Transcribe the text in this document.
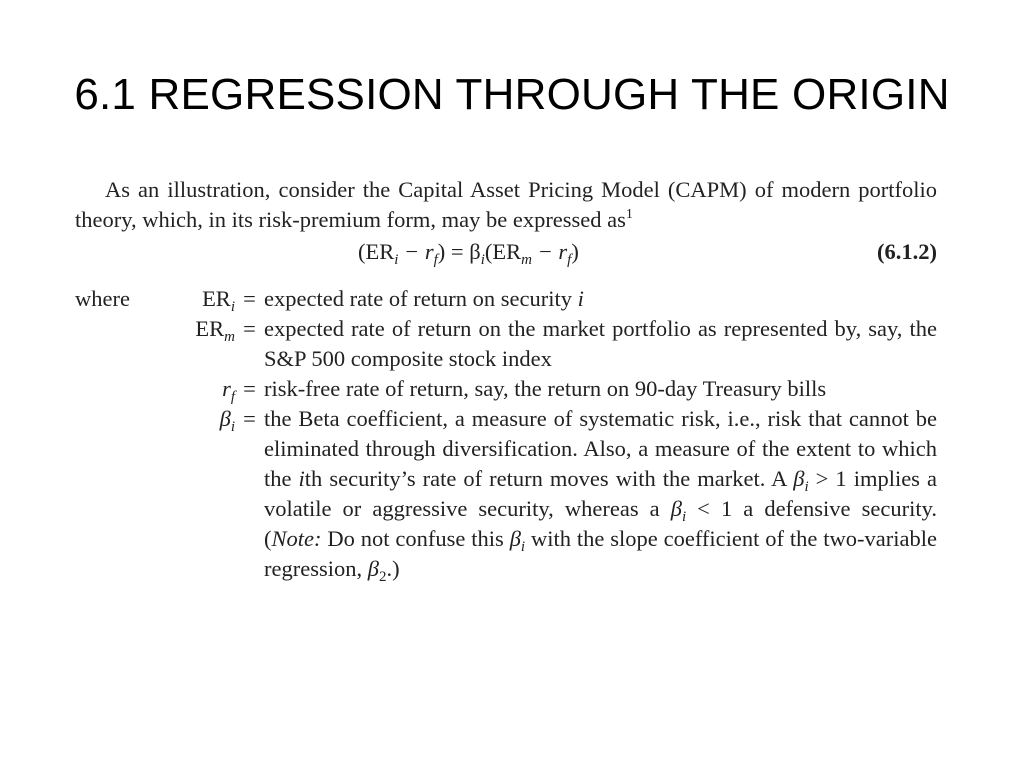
6.1 REGRESSION THROUGH THE ORIGIN
As an illustration, consider the Capital Asset Pricing Model (CAPM) of modern portfolio theory, which, in its risk-premium form, may be expressed $as^1$
$(ER_i - r_f) = \beta_i(ER_m - r_f)$	(6.1.2)
where	$ER_i$ = expected rate of return on security i
$ER_m$ = expected rate of return on the market portfolio as represented by, say, the S&P 500 composite stock index
$r_f$ = risk-free rate of return, say, the return on 90-day Treasury bills
$\beta_i$ = the Beta coefficient, a measure of systematic risk, i.e., risk that cannot be eliminated through diversification. Also, a measure of the extent to which the ith security’s rate of return moves with the market. A $\beta_i > 1$ implies a volatile or aggressive security, whereas a $\beta_i < 1$ a defensive security. (Note: Do not confuse this $\beta_i$ with the slope coefficient of the two-variable regression, $\beta_2$.)
